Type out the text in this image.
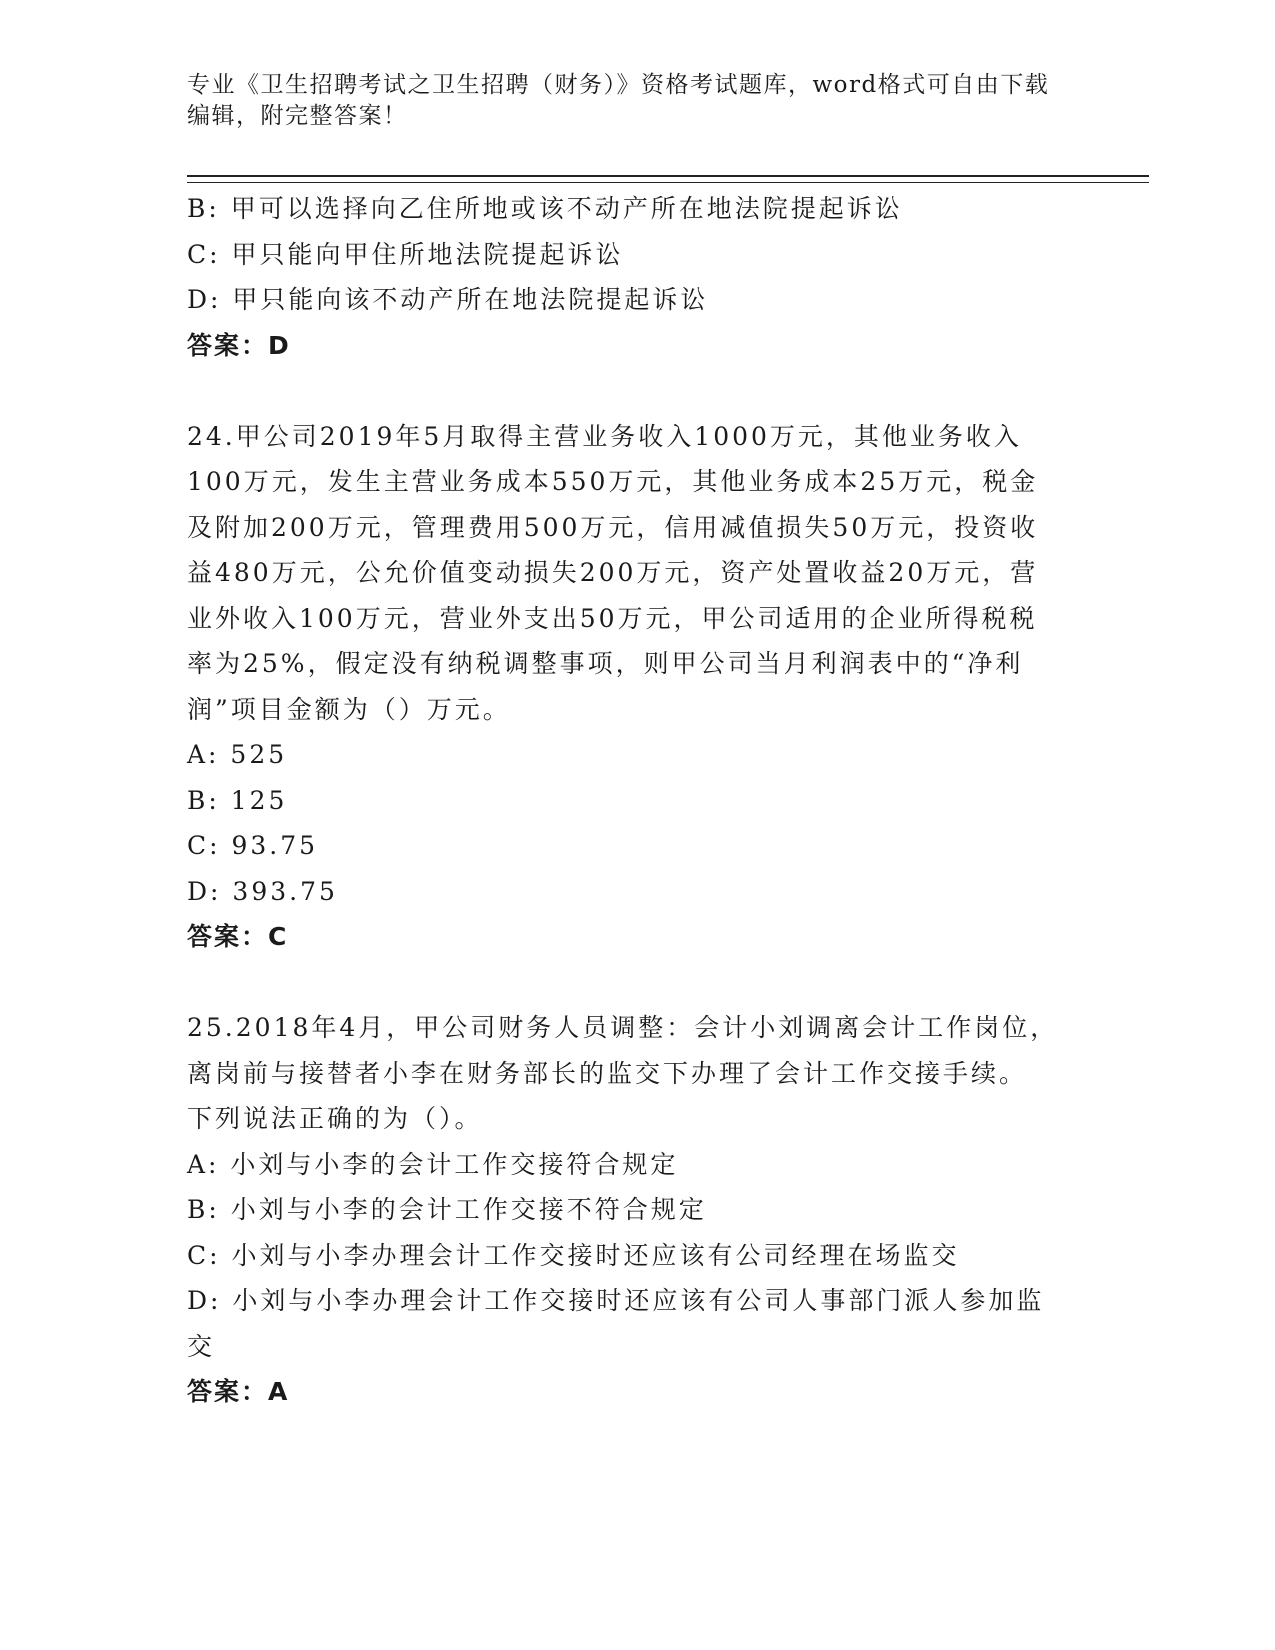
专业《卫生招聘考试之卫生招聘（财务）》资格考试题库，word格式可自由下载
编辑，附完整答案！
B: 甲可以选择向乙住所地或该不动产所在地法院提起诉讼
C: 甲只能向甲住所地法院提起诉讼
D: 甲只能向该不动产所在地法院提起诉讼
答案：D
24.甲公司2019年5月取得主营业务收入1000万元，其他业务收入
100万元，发生主营业务成本550万元，其他业务成本25万元，税金
及附加200万元，管理费用500万元，信用减值损失50万元，投资收
益480万元，公允价值变动损失200万元，资产处置收益20万元，营
业外收入100万元，营业外支出50万元，甲公司适用的企业所得税税
率为25%，假定没有纳税调整事项，则甲公司当月利润表中的“净利
润”项目金额为（）万元。
A: 525
B: 125
C: 93.75
D: 393.75
答案：C
25.2018年4月，甲公司财务人员调整：会计小刘调离会计工作岗位，
离岗前与接替者小李在财务部长的监交下办理了会计工作交接手续。
下列说法正确的为（）。
A: 小刘与小李的会计工作交接符合规定
B: 小刘与小李的会计工作交接不符合规定
C: 小刘与小李办理会计工作交接时还应该有公司经理在场监交
D: 小刘与小李办理会计工作交接时还应该有公司人事部门派人参加监
交
答案：A
